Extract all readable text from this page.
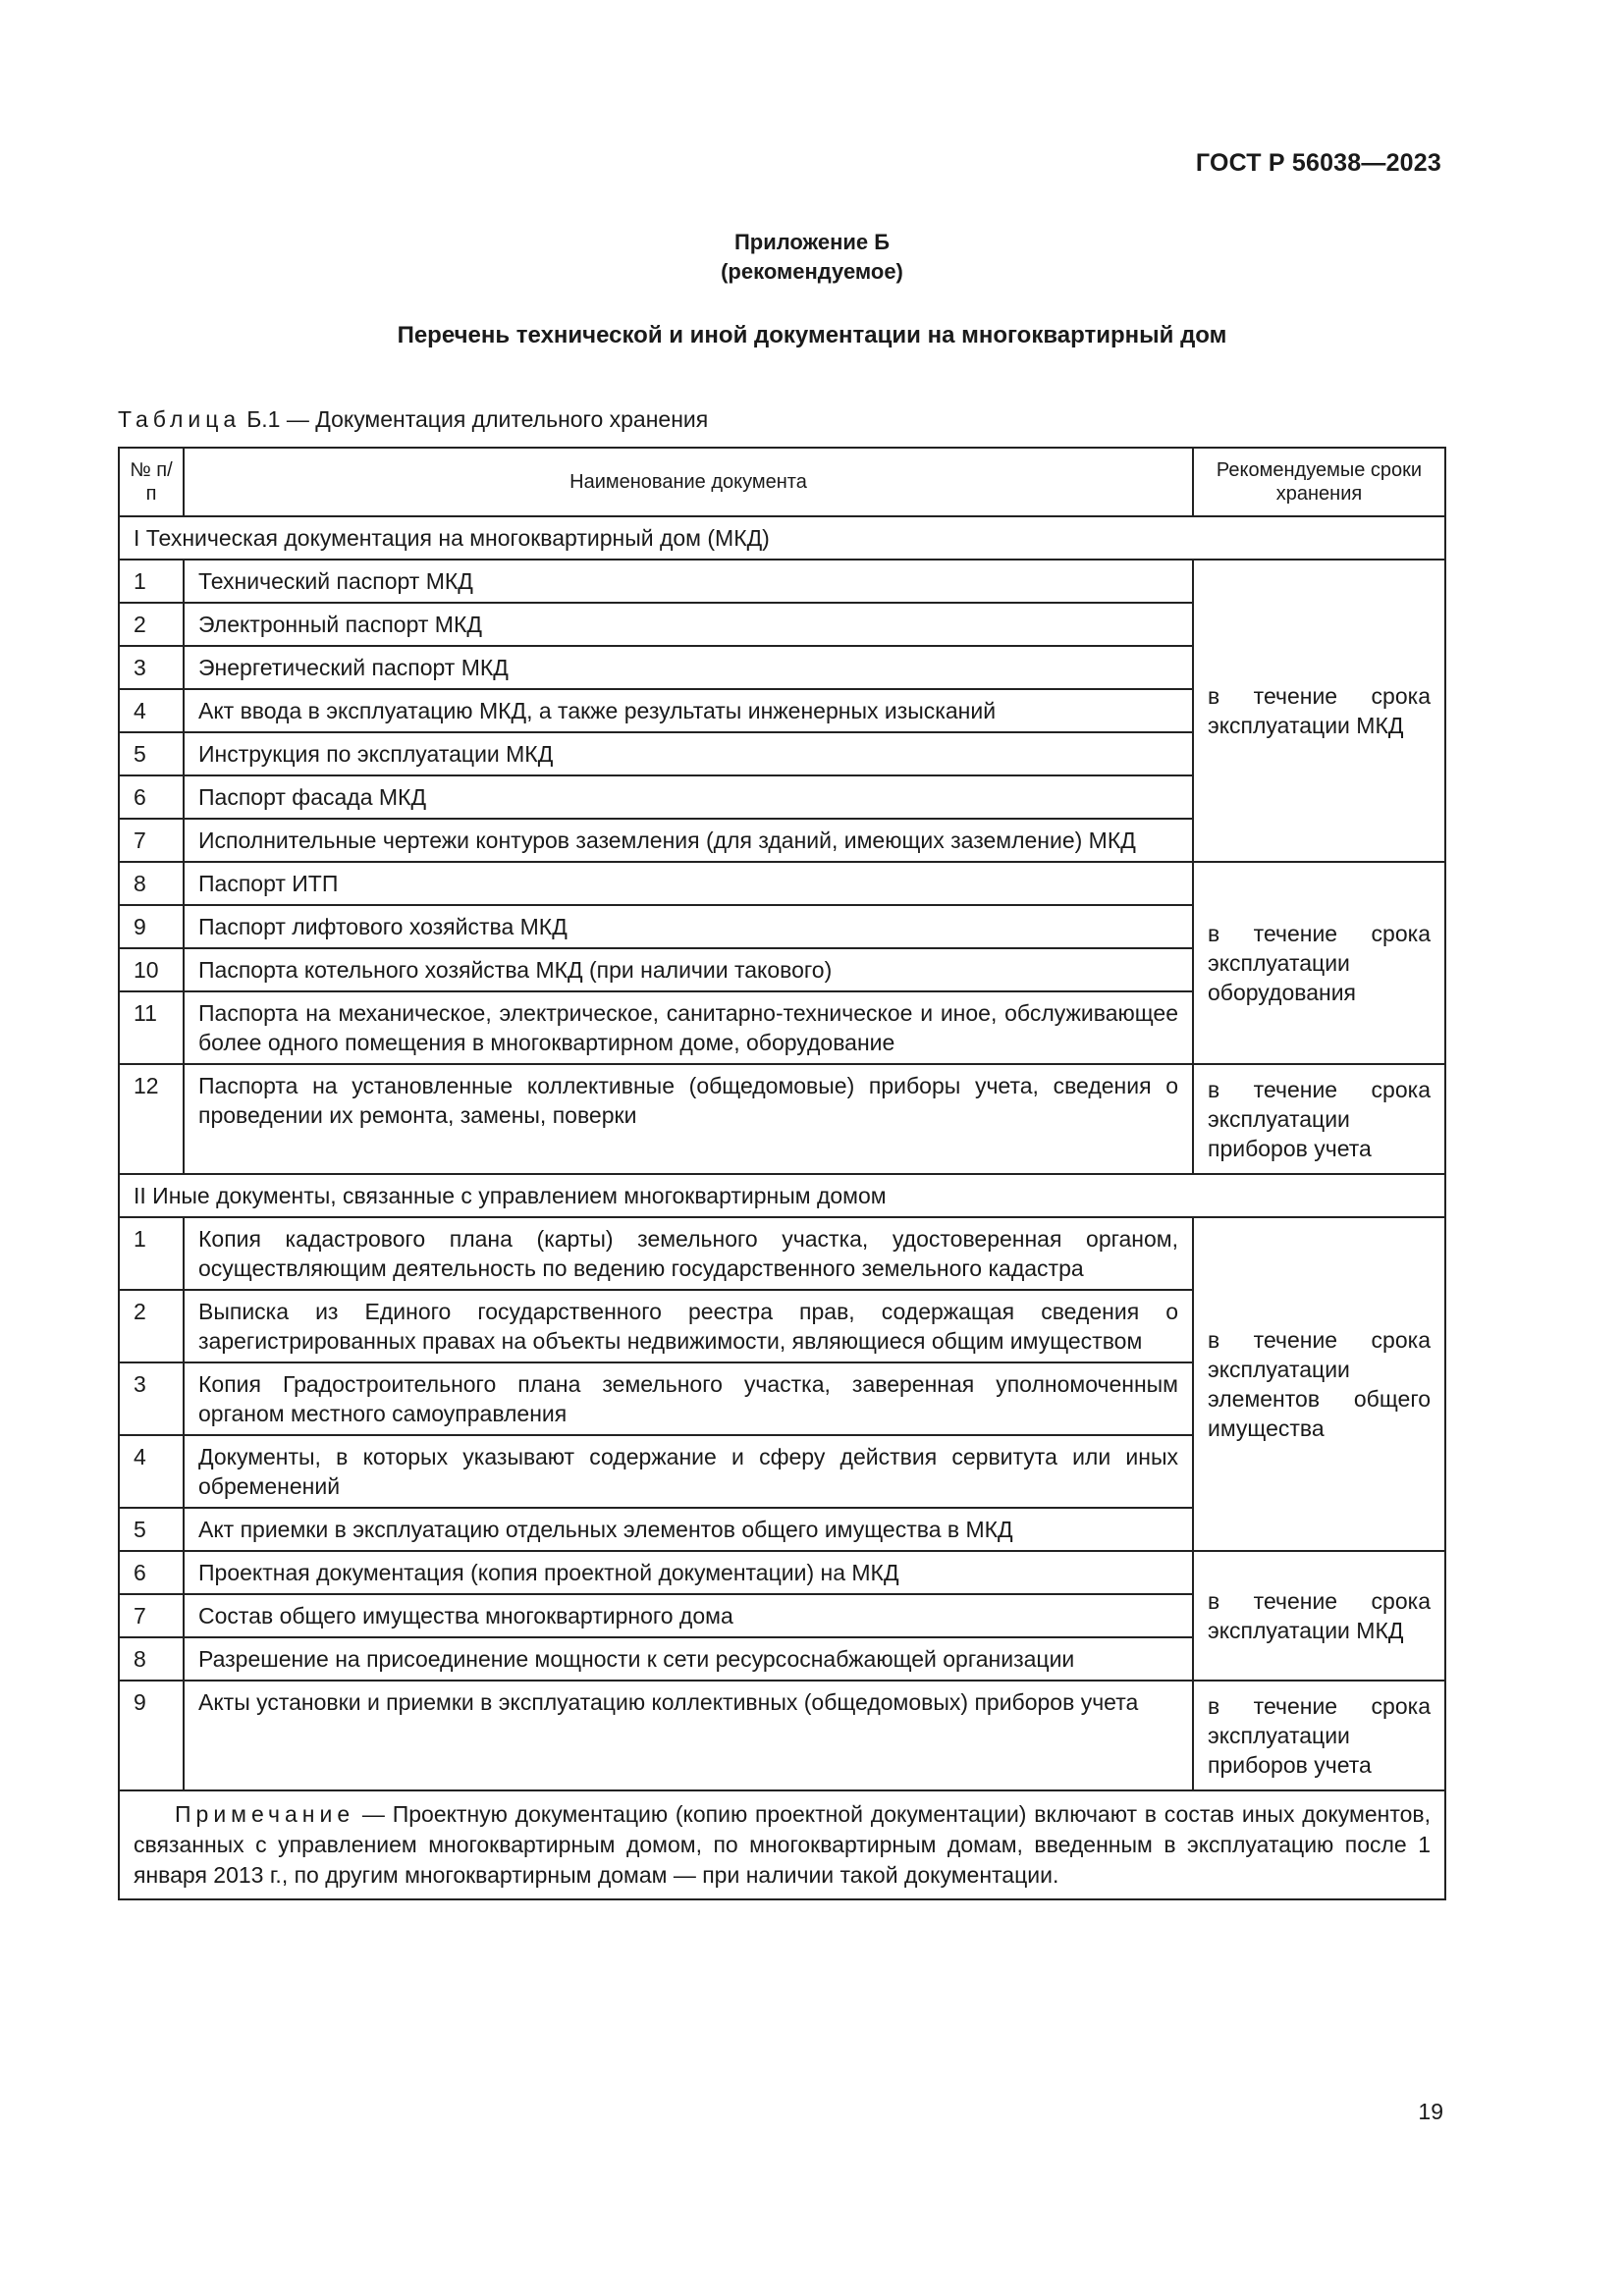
ГОСТ Р 56038—2023
Приложение Б
(рекомендуемое)
Перечень технической и иной документации на многоквартирный дом
Таблица Б.1 — Документация длительного хранения
№ п/п	Наименование документа	Рекомендуемые сроки хранения
I Техническая документация на многоквартирный дом (МКД)		
1	Технический паспорт МКД	в течение срока эксплуатации МКД
2	Электронный паспорт МКД	
3	Энергетический паспорт МКД	
4	Акт ввода в эксплуатацию МКД, а также результаты инженерных изысканий	
5	Инструкция по эксплуатации МКД	
6	Паспорт фасада МКД	
7	Исполнительные чертежи контуров заземления (для зданий, имеющих заземление) МКД	
8	Паспорт ИТП	в течение срока эксплуатации оборудования
9	Паспорт лифтового хозяйства МКД	
10	Паспорта котельного хозяйства МКД (при наличии такового)	
11	Паспорта на механическое, электрическое, санитарно-техническое и иное, обслуживающее более одного помещения в многоквартирном доме, оборудование	
12	Паспорта на установленные коллективные (общедомовые) приборы учета, сведения о проведении их ремонта, замены, поверки	в течение срока эксплуатации приборов учета
II Иные документы, связанные с управлением многоквартирным домом		
1	Копия кадастрового плана (карты) земельного участка, удостоверенная органом, осуществляющим деятельность по ведению государственного земельного кадастра	в течение срока эксплуатации элементов общего имущества
2	Выписка из Единого государственного реестра прав, содержащая сведения о зарегистрированных правах на объекты недвижимости, являющиеся общим имуществом	
3	Копия Градостроительного плана земельного участка, заверенная уполномоченным органом местного самоуправления	
4	Документы, в которых указывают содержание и сферу действия сервитута или иных обременений	
5	Акт приемки в эксплуатацию отдельных элементов общего имущества в МКД	
6	Проектная документация (копия проектной документации) на МКД	в течение срока эксплуатации МКД
7	Состав общего имущества многоквартирного дома	
8	Разрешение на присоединение мощности к сети ресурсоснабжающей организации	
9	Акты установки и приемки в эксплуатацию коллективных (общедомовых) приборов учета	в течение срока эксплуатации приборов учета
Примечание — Проектную документацию (копию проектной документации) включают в состав иных документов, связанных с управлением многоквартирным домом, по многоквартирным домам, введенным в эксплуатацию после 1 января 2013 г., по другим многоквартирным домам — при наличии такой документации.		
19
